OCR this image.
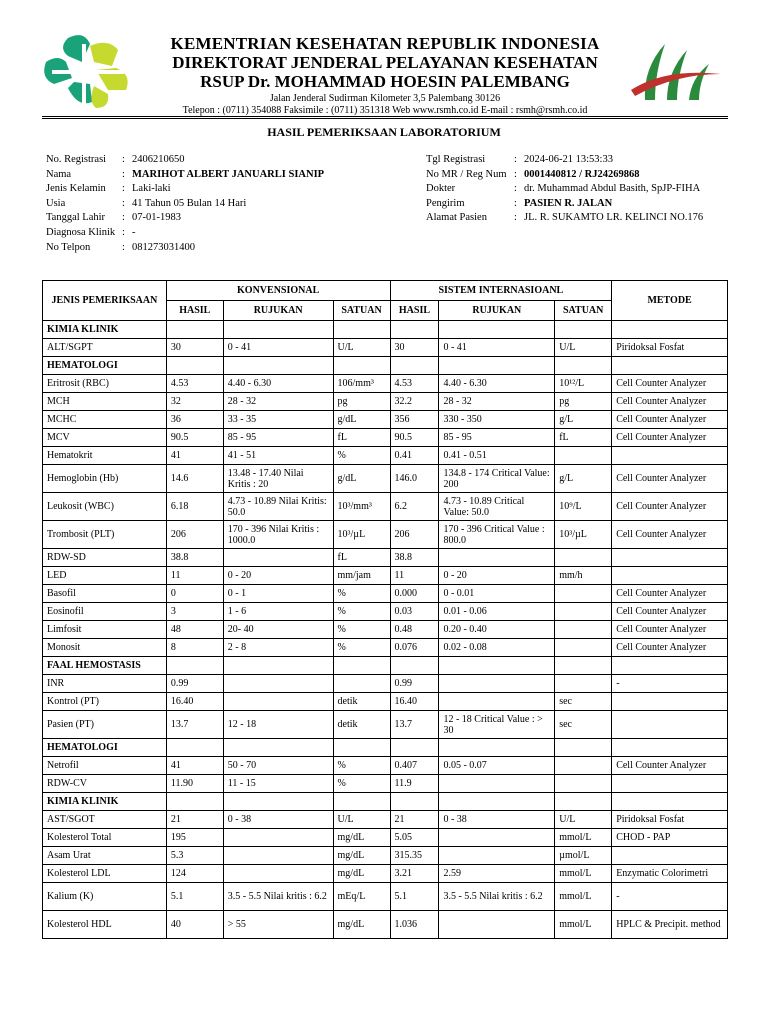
KEMENTRIAN KESEHATAN REPUBLIK INDONESIA
DIREKTORAT JENDERAL PELAYANAN KESEHATAN
RSUP Dr. MOHAMMAD HOESIN PALEMBANG
Jalan Jenderal Sudirman Kilometer 3,5 Palembang 30126
Telepon : (0711) 354088 Faksimile : (0711) 351318 Web www.rsmh.co.id E-mail : rsmh@rsmh.co.id
HASIL PEMERIKSAAN LABORATORIUM
No. Registrasi : 2406210650
Nama	: MARIHOT ALBERT JANUARLI SIANIP
Jenis Kelamin : Laki-laki
Usia	: 41 Tahun 05 Bulan 14 Hari
Tanggal Lahir : 07-01-1983
Diagnosa Klinik : -
No Telpon	: 081273031400
Tgl Registrasi	: 2024-06-21 13:53:33
No MR / Reg Num : 0001440812 / RJ24269868
Dokter	: dr. Muhammad Abdul Basith, SpJP-FIHA
Pengirim	: PASIEN R. JALAN
Alamat Pasien	: JL. R. SUKAMTO LR. KELINCI NO.176
JENIS PEMERIKSAAN	KONVENSIONAL			SISTEM INTERNASIOANL			METODE
	HASIL	RUJUKAN	SATUAN	HASIL	RUJUKAN	SATUAN	
KIMIA KLINIK							
ALT/SGPT	30	0 - 41	U/L	30	0 - 41	U/L	Piridoksal Fosfat
HEMATOLOGI							
Eritrosit (RBC)	4.53	4.40 - 6.30	106/mm³	4.53	4.40 - 6.30	10¹²/L	Cell Counter Analyzer
MCH	32	28 - 32	pg	32.2	28 - 32	pg	Cell Counter Analyzer
MCHC	36	33 - 35	g/dL	356	330 - 350	g/L	Cell Counter Analyzer
MCV	90.5	85 - 95	fL	90.5	85 - 95	fL	Cell Counter Analyzer
Hematokrit	41	41 - 51	%	0.41	0.41 - 0.51		
Hemoglobin (Hb)	14.6	13.48 - 17.40 Nilai Kritis : 20	g/dL	146.0	134.8 - 174 Critical Value: 200	g/L	Cell Counter Analyzer
Leukosit (WBC)	6.18	4.73 - 10.89 Nilai Kritis: 50.0	10³/mm³	6.2	4.73 - 10.89 Critical Value: 50.0	10⁹/L	Cell Counter Analyzer
Trombosit (PLT)	206	170 - 396 Nilai Kritis : 1000.0	10³/µL	206	170 - 396 Critical Value : 800.0	10³/µL	Cell Counter Analyzer
RDW-SD	38.8		fL	38.8			
LED	11	0 - 20	mm/jam	11	0 - 20	mm/h	
Basofil	0	0 - 1	%	0.000	0 - 0.01		Cell Counter Analyzer
Eosinofil	3	1 - 6	%	0.03	0.01 - 0.06		Cell Counter Analyzer
Limfosit	48	20- 40	%	0.48	0.20 - 0.40		Cell Counter Analyzer
Monosit	8	2 - 8	%	0.076	0.02 - 0.08		Cell Counter Analyzer
FAAL HEMOSTASIS							
INR	0.99			0.99			-
Kontrol (PT)	16.40		detik	16.40		sec	
Pasien (PT)	13.7	12 - 18	detik	13.7	12 - 18 Critical Value : > 30	sec	
HEMATOLOGI							
Netrofil	41	50 - 70	%	0.407	0.05 - 0.07		Cell Counter Analyzer
RDW-CV	11.90	11 - 15	%	11.9			
KIMIA KLINIK							
AST/SGOT	21	0 - 38	U/L	21	0 - 38	U/L	Piridoksal Fosfat
Kolesterol Total	195		mg/dL	5.05		mmol/L	CHOD - PAP
Asam Urat	5.3		mg/dL	315.35		µmol/L	
Kolesterol LDL	124		mg/dL	3.21	2.59	mmol/L	Enzymatic Colorimetri
Kalium (K)	5.1	3.5 - 5.5 Nilai kritis : 6.2	mEq/L	5.1	3.5 - 5.5 Nilai kritis : 6.2	mmol/L	-
Kolesterol HDL	40	> 55	mg/dL	1.036		mmol/L	HPLC & Precipit. method
